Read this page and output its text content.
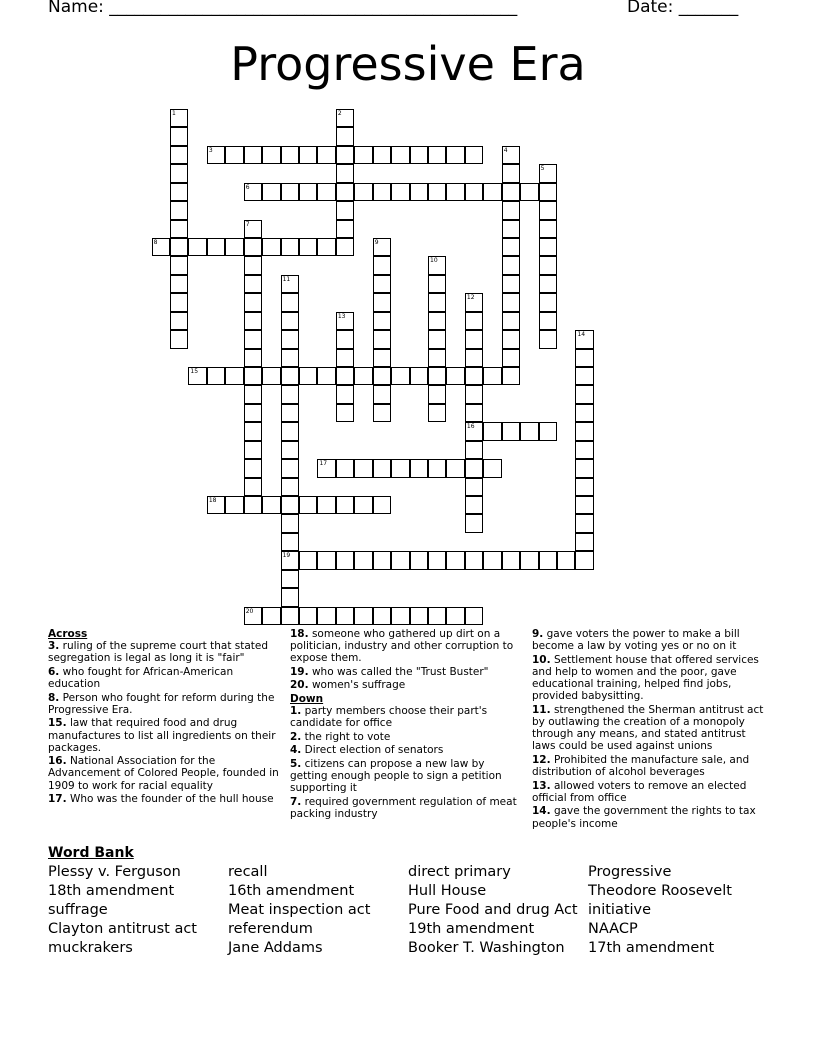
Name: ________________________________________________	Date: _______
Progressive Era
3
6
8
15
16
17
18
19
20
1	2
4
5
7
9
10
11
12
13
14
Across
3. ruling of the supreme court that stated segregation is legal as long it is "fair"
6. who fought for African-American education
8. Person who fought for reform during the Progressive Era.
15. law that required food and drug manufactures to list all ingredients on their packages.
16. National Association for the Advancement of Colored People, founded in 1909 to work for racial equality
17. Who was the founder of the hull house
18. someone who gathered up dirt on a politician, industry and other corruption to expose them.
19. who was called the "Trust Buster"
20. women's suffrage
Down
1. party members choose their part's candidate for office
2. the right to vote
4. Direct election of senators
5. citizens can propose a new law by getting enough people to sign a petition supporting it
7. required government regulation of meat packing industry
9. gave voters the power to make a bill become a law by voting yes or no on it
10. Settlement house that offered services and help to women and the poor, gave educational training, helped find jobs, provided babysitting.
11. strengthened the Sherman antitrust act by outlawing the creation of a monopoly through any means, and stated antitrust laws could be used against unions
12. Prohibited the manufacture sale, and distribution of alcohol beverages
13. allowed voters to remove an elected official from office
14. gave the government the rights to tax people's income
Word Bank
Plessy v. Ferguson
18th amendment
suffrage
Clayton antitrust act
muckrakers
recall
16th amendment
Meat inspection act
referendum
Jane Addams
direct primary
Hull House
Pure Food and drug Act
19th amendment
Booker T. Washington
Progressive
Theodore Roosevelt
initiative
NAACP
17th amendment
